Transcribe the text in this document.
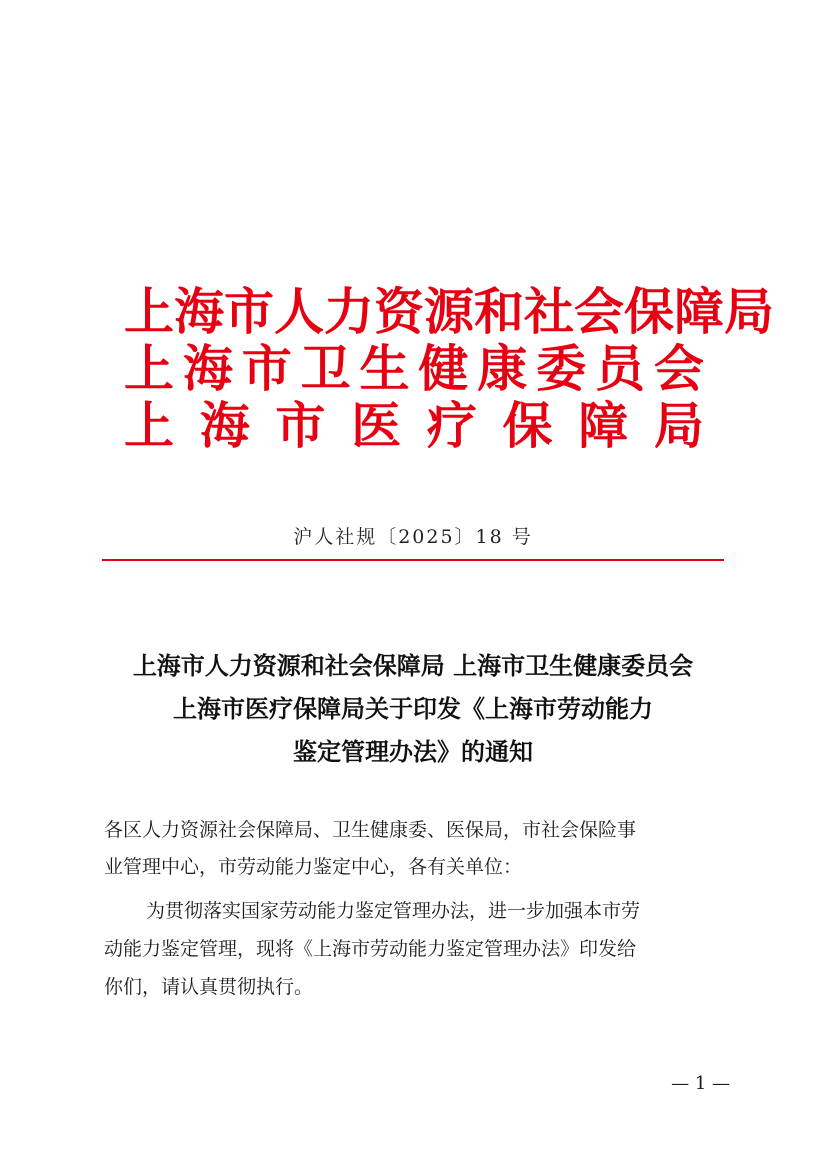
上 海 市 人 力 资 源 和 社 会 保 障 局
上 海 市 卫 生 健 康 委 员 会
上 海 市 医 疗 保 障 局
沪人社规〔2025〕18 号
上海市人力资源和社会保障局 上海市卫生健康委员会
上海市医疗保障局关于印发《上海市劳动能力
鉴定管理办法》的通知
各区人力资源社会保障局、卫生健康委、医保局，市社会保险事
业管理中心，市劳动能力鉴定中心，各有关单位：
为贯彻落实国家劳动能力鉴定管理办法，进一步加强本市劳
动能力鉴定管理，现将《上海市劳动能力鉴定管理办法》印发给
你们，请认真贯彻执行。
— 1 —
